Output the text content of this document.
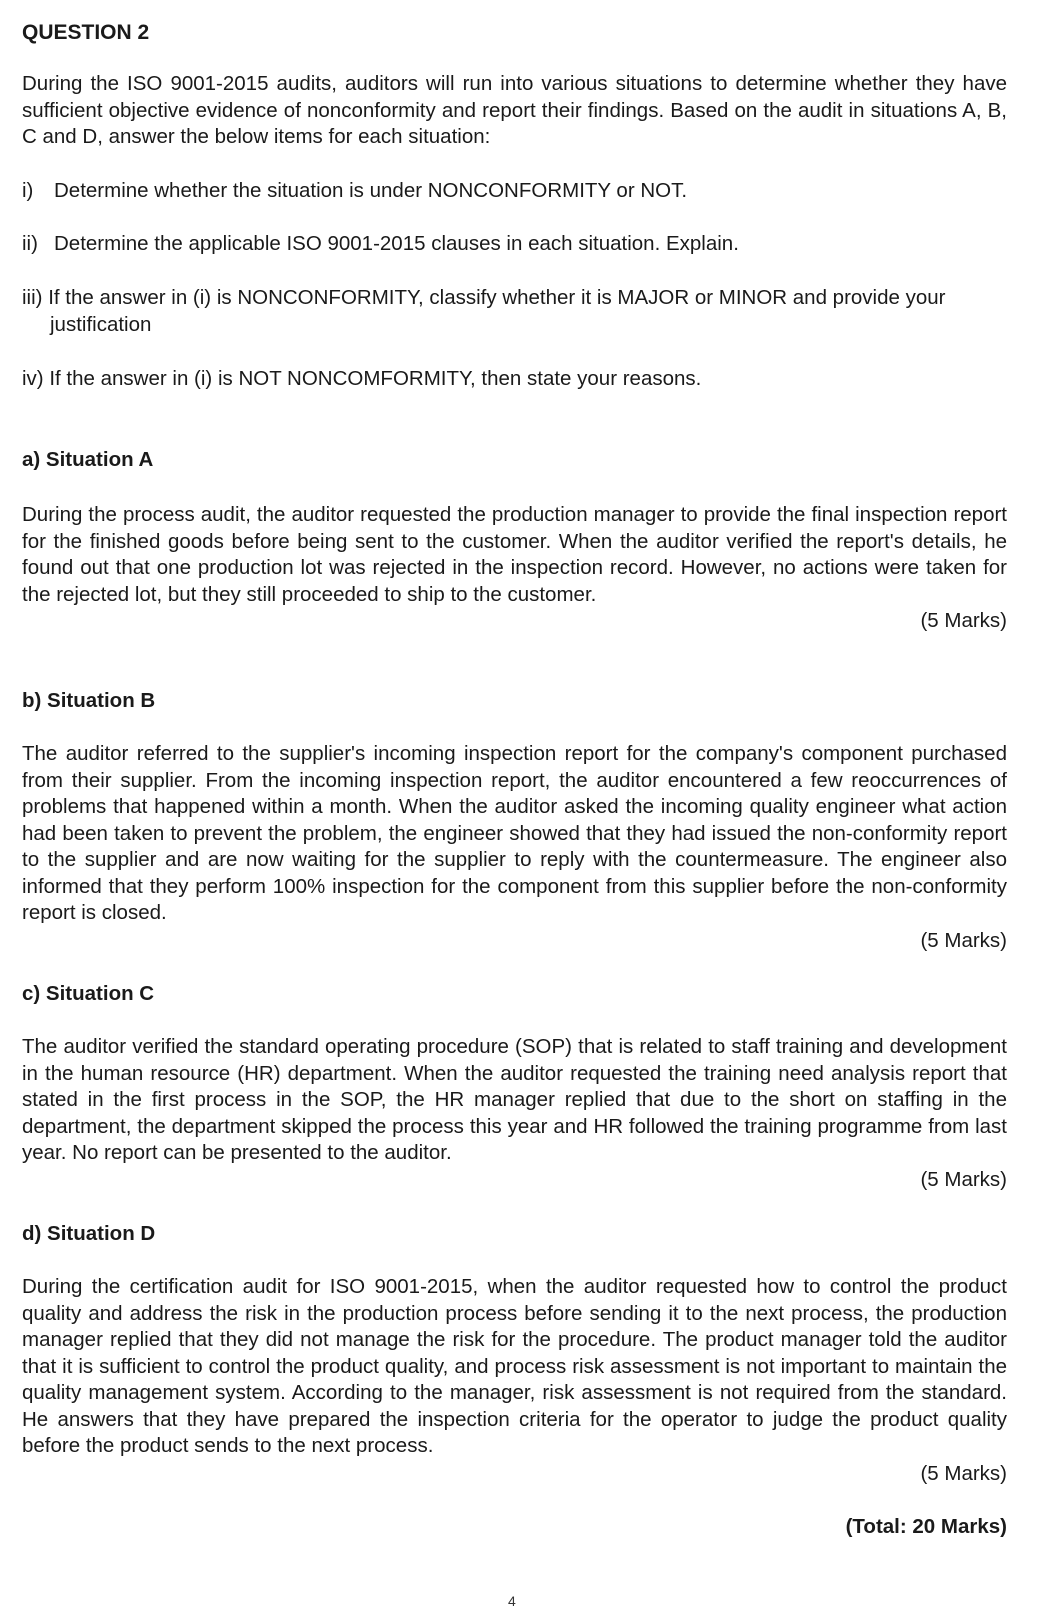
QUESTION 2
During the ISO 9001-2015 audits, auditors will run into various situations to determine whether they have sufficient objective evidence of nonconformity and report their findings. Based on the audit in situations A, B, C and D, answer the below items for each situation:
i) Determine whether the situation is under NONCONFORMITY or NOT.
ii) Determine the applicable ISO 9001-2015 clauses in each situation. Explain.
iii) If the answer in (i) is NONCONFORMITY, classify whether it is MAJOR or MINOR and provide your justification
iv) If the answer in (i) is NOT NONCOMFORMITY, then state your reasons.
a) Situation A
During the process audit, the auditor requested the production manager to provide the final inspection report for the finished goods before being sent to the customer. When the auditor verified the report's details, he found out that one production lot was rejected in the inspection record. However, no actions were taken for the rejected lot, but they still proceeded to ship to the customer.
(5 Marks)
b) Situation B
The auditor referred to the supplier's incoming inspection report for the company's component purchased from their supplier. From the incoming inspection report, the auditor encountered a few reoccurrences of problems that happened within a month. When the auditor asked the incoming quality engineer what action had been taken to prevent the problem, the engineer showed that they had issued the non-conformity report to the supplier and are now waiting for the supplier to reply with the countermeasure. The engineer also informed that they perform 100% inspection for the component from this supplier before the non-conformity report is closed.
(5 Marks)
c) Situation C
The auditor verified the standard operating procedure (SOP) that is related to staff training and development in the human resource (HR) department. When the auditor requested the training need analysis report that stated in the first process in the SOP, the HR manager replied that due to the short on staffing in the department, the department skipped the process this year and HR followed the training programme from last year. No report can be presented to the auditor.
(5 Marks)
d) Situation D
During the certification audit for ISO 9001-2015, when the auditor requested how to control the product quality and address the risk in the production process before sending it to the next process, the production manager replied that they did not manage the risk for the procedure. The product manager told the auditor that it is sufficient to control the product quality, and process risk assessment is not important to maintain the quality management system. According to the manager, risk assessment is not required from the standard. He answers that they have prepared the inspection criteria for the operator to judge the product quality before the product sends to the next process.
(5 Marks)
(Total: 20 Marks)
4
